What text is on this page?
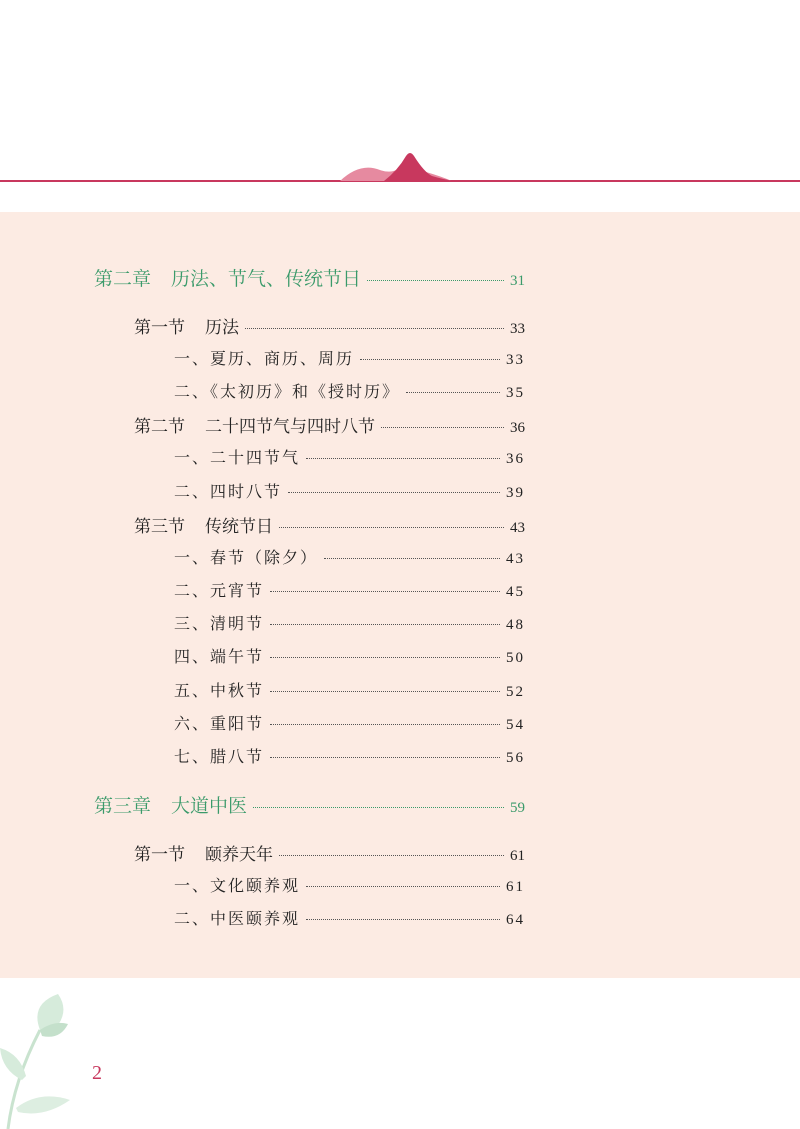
第二章 历法、节气、传统节日	31
第一节 历法	33
一、夏历、商历、周历	33
二、《太初历》和《授时历》	35
第二节 二十四节气与四时八节	36
一、二十四节气	36
二、四时八节	39
第三节 传统节日	43
一、春节（除夕）	43
二、元宵节	45
三、清明节	48
四、端午节	50
五、中秋节	52
六、重阳节	54
七、腊八节	56
第三章 大道中医	59
第一节 颐养天年	61
一、文化颐养观	61
二、中医颐养观	64
2
